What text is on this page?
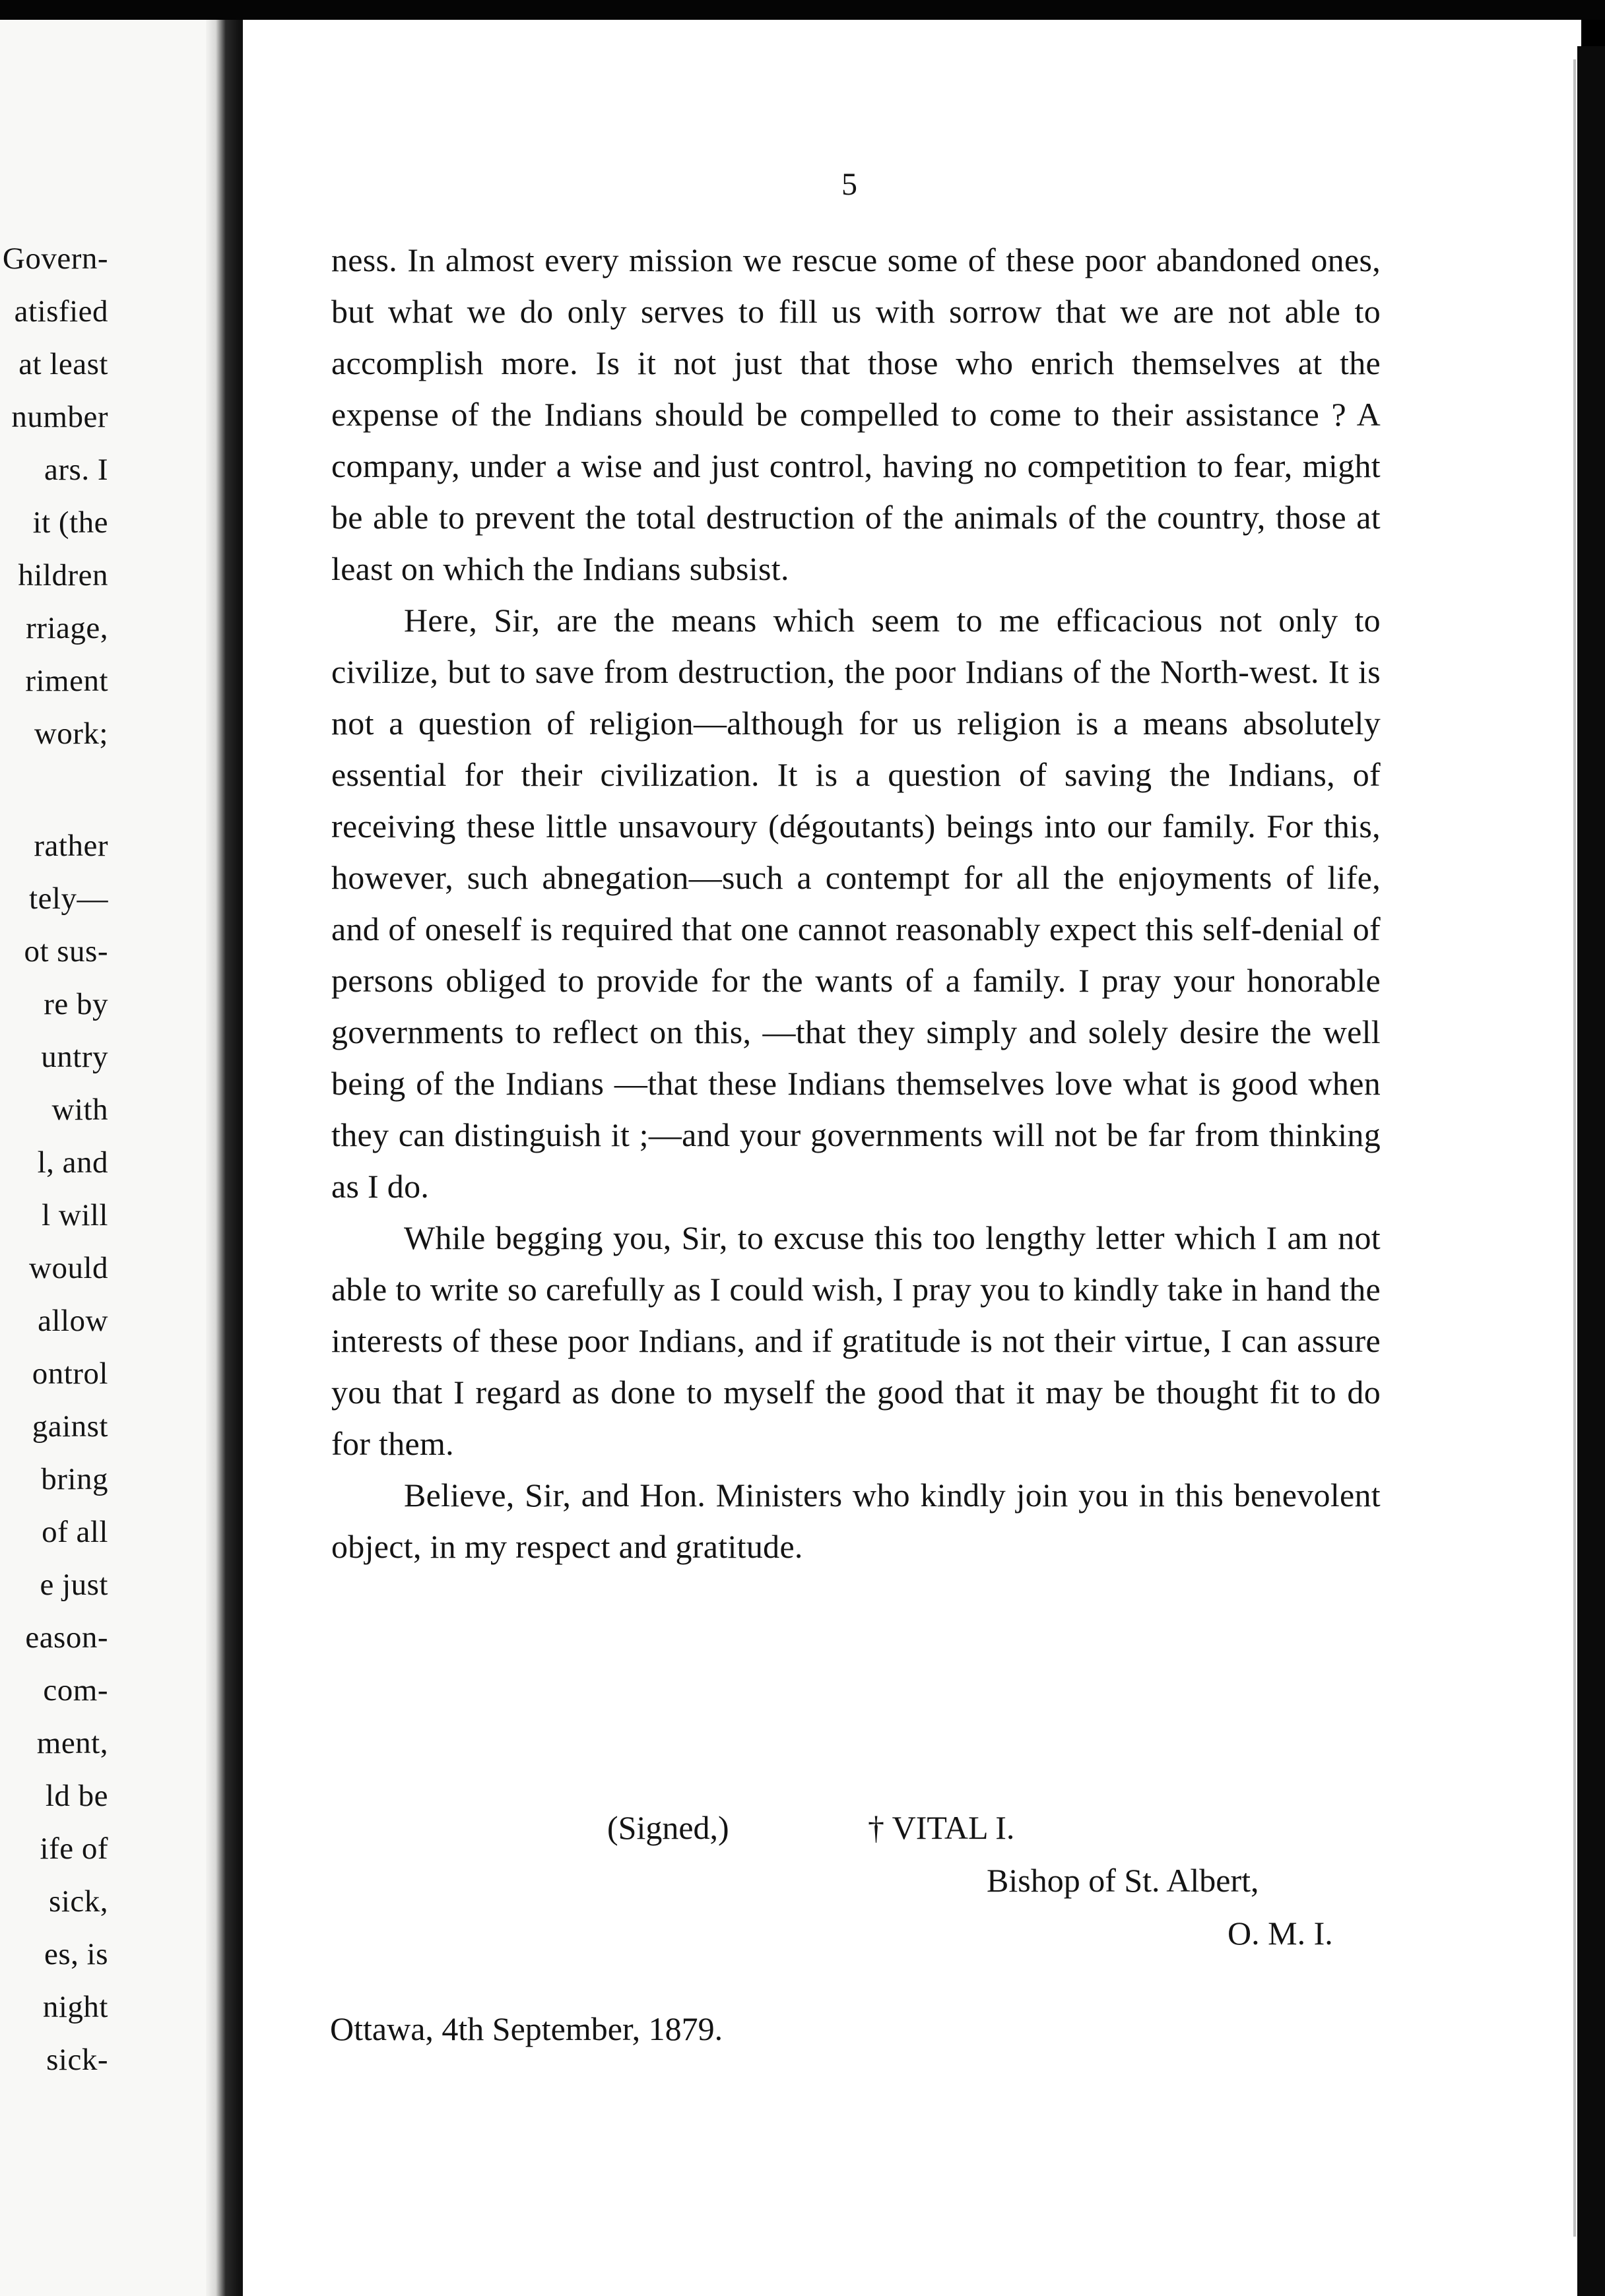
Govern-
atisfied
at least
number
ars. I
it (the
hildren
rriage,
riment
work;
rather
tely—
ot sus-
re by
untry
with
l, and
l will
would
allow
ontrol
gainst
bring
of all
e just
eason-
com-
ment,
ld be
ife of
sick,
es, is
night
sick-
5

ness. In almost every mission we rescue some of these poor abandoned ones, but what we do only serves to fill us with sorrow that we are not able to accomplish more. Is it not just that those who enrich themselves at the expense of the Indians should be compelled to come to their assistance ? A company, under a wise and just control, having no competition to fear, might be able to prevent the total destruction of the animals of the country, those at least on which the Indians subsist.

Here, Sir, are the means which seem to me efficacious not only to civilize, but to save from destruction, the poor Indians of the North-west. It is not a question of religion—although for us religion is a means absolutely essential for their civilization. It is a question of saving the Indians, of receiving these little unsavoury (dégoutants) beings into our family. For this, however, such abnegation—such a contempt for all the enjoyments of life, and of oneself is required that one cannot reasonably expect this self-denial of persons obliged to provide for the wants of a family. I pray your honorable governments to reflect on this, —that they simply and solely desire the well being of the Indians —that these Indians themselves love what is good when they can distinguish it ;—and your governments will not be far from thinking as I do.

While begging you, Sir, to excuse this too lengthy letter which I am not able to write so carefully as I could wish, I pray you to kindly take in hand the interests of these poor Indians, and if gratitude is not their virtue, I can assure you that I regard as done to myself the good that it may be thought fit to do for them.

Believe, Sir, and Hon. Ministers who kindly join you in this benevolent object, in my respect and gratitude.

(Signed,)	† VITAL I.
Bishop of St. Albert,
O. M. I.
Ottawa, 4th September, 1879.
